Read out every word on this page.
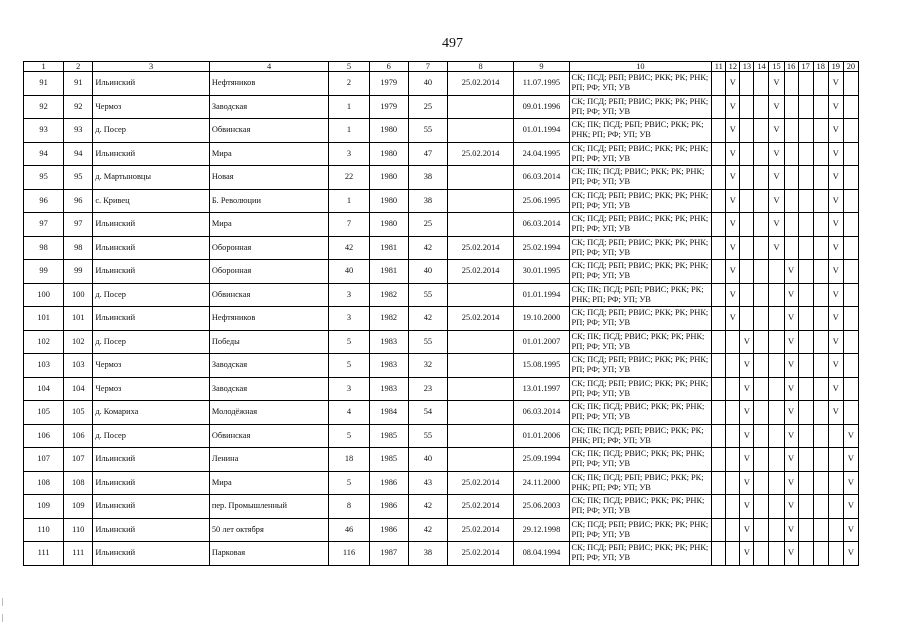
497
1	2	3	4	5	6	7	8	9	10	11	12	13	14	15	16	17	18	19	20
91	91	Ильинский	Нефтяников	2	1979	40	25.02.2014	11.07.1995	СК; ПСД; РБП; РВИС; РКК; РК; РНК; РП; РФ; УП; УВ		V			V				V	
92	92	Чермоз	Заводская	1	1979	25		09.01.1996	СК; ПСД; РБП; РВИС; РКК; РК; РНК; РП; РФ; УП; УВ		V			V				V	
93	93	д. Посер	Обвинская	1	1980	55		01.01.1994	СК; ПК; ПСД; РБП; РВИС; РКК; РК; РНК; РП; РФ; УП; УВ		V			V				V	
94	94	Ильинский	Мира	3	1980	47	25.02.2014	24.04.1995	СК; ПСД; РБП; РВИС; РКК; РК; РНК; РП; РФ; УП; УВ		V			V				V	
95	95	д. Мартыновцы	Новая	22	1980	38		06.03.2014	СК; ПК; ПСД; РВИС; РКК; РК; РНК; РП; РФ; УП; УВ		V			V				V	
96	96	с. Кривец	Б. Революции	1	1980	38		25.06.1995	СК; ПСД; РБП; РВИС; РКК; РК; РНК; РП; РФ; УП; УВ		V			V				V	
97	97	Ильинский	Мира	7	1980	25		06.03.2014	СК; ПСД; РБП; РВИС; РКК; РК; РНК; РП; РФ; УП; УВ		V			V				V	
98	98	Ильинский	Оборонная	42	1981	42	25.02.2014	25.02.1994	СК; ПСД; РБП; РВИС; РКК; РК; РНК; РП; РФ; УП; УВ		V			V				V	
99	99	Ильинский	Оборонная	40	1981	40	25.02.2014	30.01.1995	СК; ПСД; РБП; РВИС; РКК; РК; РНК; РП; РФ; УП; УВ		V				V			V	
100	100	д. Посер	Обвинская	3	1982	55		01.01.1994	СК; ПК; ПСД; РБП; РВИС; РКК; РК; РНК; РП; РФ; УП; УВ		V				V			V	
101	101	Ильинский	Нефтяников	3	1982	42	25.02.2014	19.10.2000	СК; ПСД; РБП; РВИС; РКК; РК; РНК; РП; РФ; УП; УВ		V				V			V	
102	102	д. Посер	Победы	5	1983	55		01.01.2007	СК; ПК; ПСД; РВИС; РКК; РК; РНК; РП; РФ; УП; УВ			V			V			V	
103	103	Чермоз	Заводская	5	1983	32		15.08.1995	СК; ПСД; РБП; РВИС; РКК; РК; РНК; РП; РФ; УП; УВ			V			V			V	
104	104	Чермоз	Заводская	3	1983	23		13.01.1997	СК; ПСД; РБП; РВИС; РКК; РК; РНК; РП; РФ; УП; УВ			V			V			V	
105	105	д. Комариха	Молодёжная	4	1984	54		06.03.2014	СК; ПК; ПСД; РВИС; РКК; РК; РНК; РП; РФ; УП; УВ			V			V			V	
106	106	д. Посер	Обвинская	5	1985	55		01.01.2006	СК; ПК; ПСД; РБП; РВИС; РКК; РК; РНК; РП; РФ; УП; УВ			V			V				V
107	107	Ильинский	Ленина	18	1985	40		25.09.1994	СК; ПК; ПСД; РВИС; РКК; РК; РНК; РП; РФ; УП; УВ			V			V				V
108	108	Ильинский	Мира	5	1986	43	25.02.2014	24.11.2000	СК; ПК; ПСД; РБП; РВИС; РКК; РК; РНК; РП; РФ; УП; УВ			V			V				V
109	109	Ильинский	пер. Промышленный	8	1986	42	25.02.2014	25.06.2003	СК; ПК; ПСД; РВИС; РКК; РК; РНК; РП; РФ; УП; УВ			V			V				V
110	110	Ильинский	50 лет октября	46	1986	42	25.02.2014	29.12.1998	СК; ПСД; РБП; РВИС; РКК; РК; РНК; РП; РФ; УП; УВ			V			V				V
111	111	Ильинский	Парковая	116	1987	38	25.02.2014	08.04.1994	СК; ПСД; РБП; РВИС; РКК; РК; РНК; РП; РФ; УП; УВ			V			V				V
